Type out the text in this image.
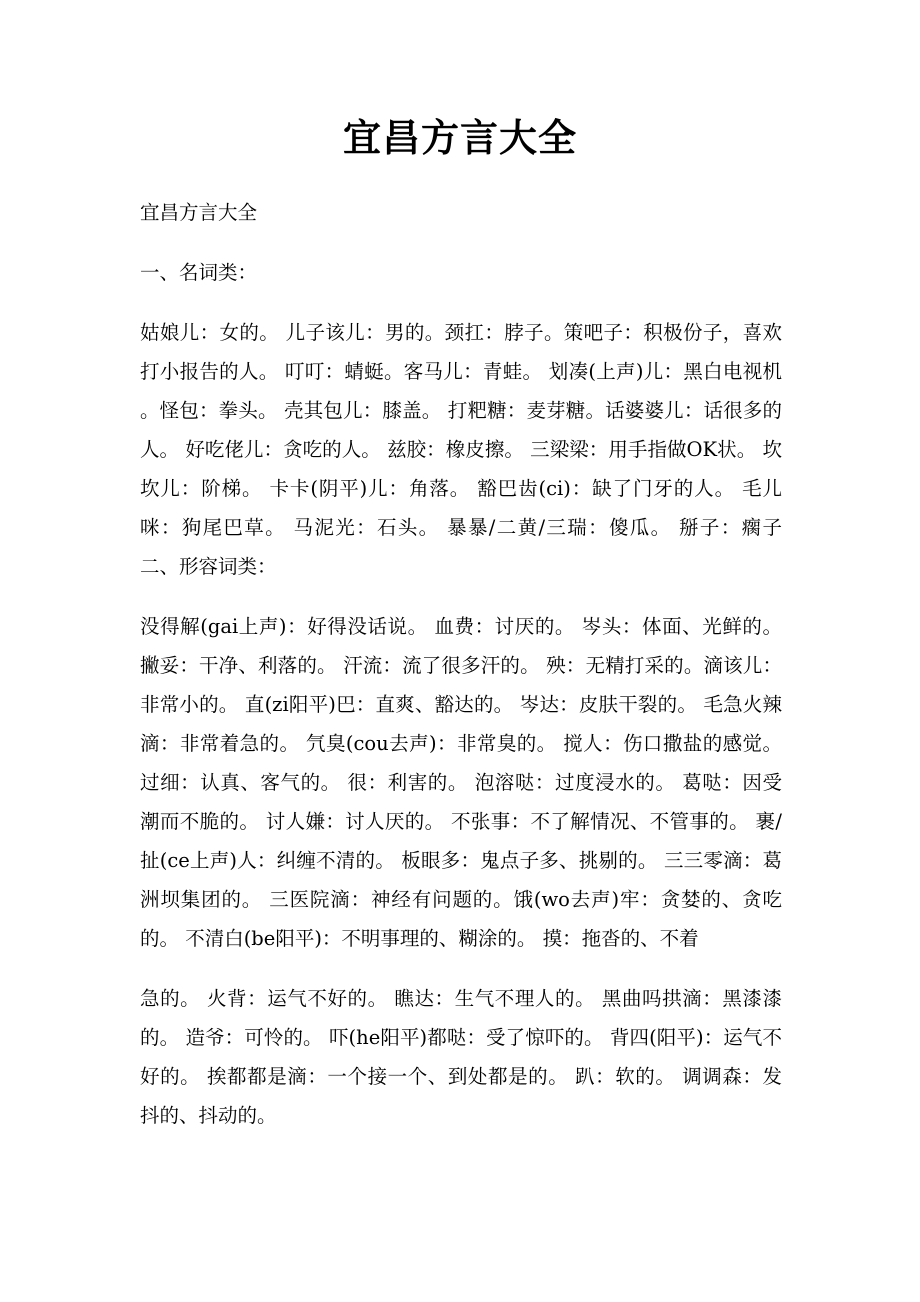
宜昌方言大全

宜昌方言大全

一、名词类：

姑娘儿：女的。 儿子该儿：男的。颈扛：脖子。策吧子：积极份子，喜欢打小报告的人。 叮叮：蜻蜓。客马儿：青蛙。 划凑(上声)儿：黑白电视机 。怪包：拳头。 壳其包儿：膝盖。 打粑糖：麦芽糖。话婆婆儿：话很多的人。 好吃佬儿：贪吃的人。 兹胶：橡皮擦。 三梁梁：用手指做OK状。 坎坎儿：阶梯。 卡卡(阴平)儿：角落。 豁巴齿(ci)：缺了门牙的人。 毛儿咪：狗尾巴草。 马泥光：石头。 暴暴/二黄/三瑞：傻瓜。 掰子：瘸子 二、形容词类：

没得解(gai上声)：好得没话说。 血费：讨厌的。 岑头：体面、光鲜的。 撇妥：干净、利落的。 汗流：流了很多汗的。 殃：无精打采的。滴该儿：非常小的。 直(zi阳平)巴：直爽、豁达的。 岑达：皮肤干裂的。 毛急火辣滴：非常着急的。 氕臭(cou去声)：非常臭的。 搅人：伤口撒盐的感觉。 过细：认真、客气的。 很：利害的。 泡溶哒：过度浸水的。 葛哒：因受潮而不脆的。 讨人嫌：讨人厌的。 不张事：不了解情况、不管事的。 裹/扯(ce上声)人：纠缠不清的。 板眼多：鬼点子多、挑剔的。 三三零滴：葛洲坝集团的。 三医院滴：神经有问题的。饿(wo去声)牢：贪婪的、贪吃的。 不清白(be阳平)：不明事理的、糊涂的。 摸：拖沓的、不着

急的。 火背：运气不好的。 瞧达：生气不理人的。 黑曲吗拱滴：黑漆漆的。 造爷：可怜的。 吓(he阳平)都哒：受了惊吓的。 背四(阳平)：运气不好的。 挨都都是滴：一个接一个、到处都是的。 趴：软的。 调调森：发抖的、抖动的。
